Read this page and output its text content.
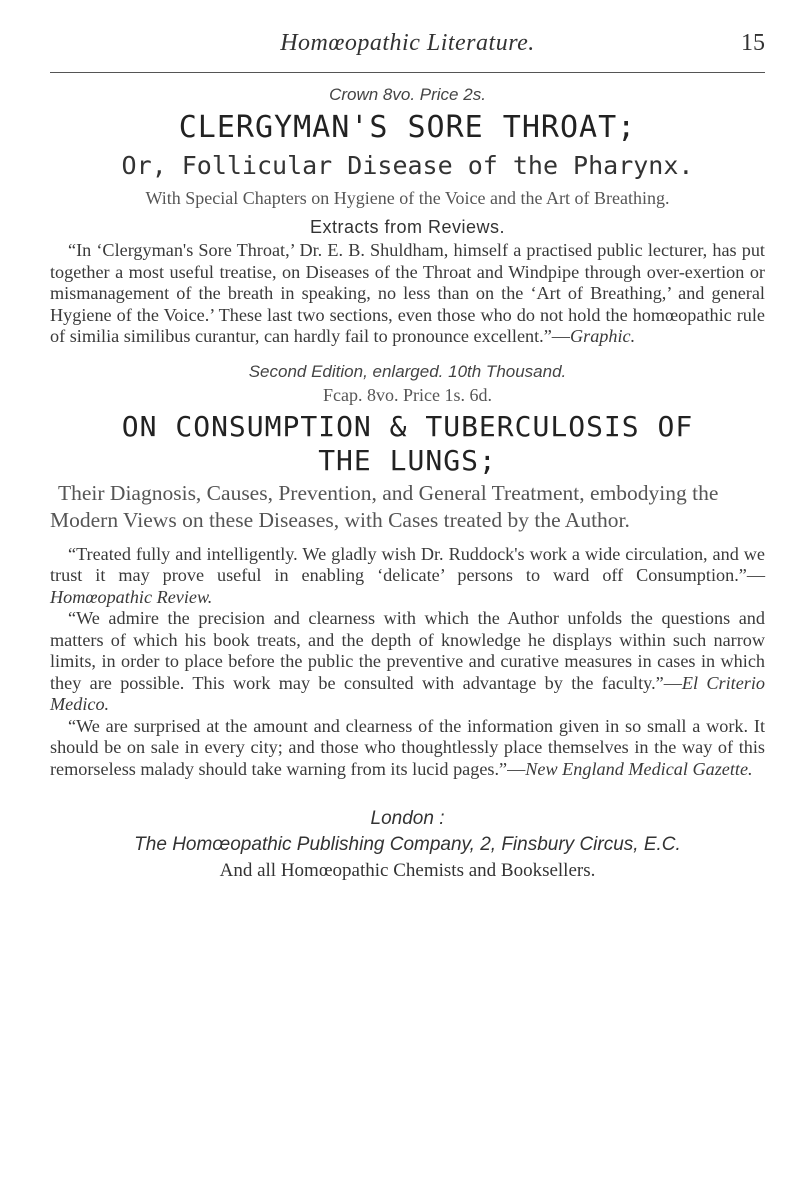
Homœopathic Literature.	15
Crown 8vo. Price 2s.
CLERGYMAN'S SORE THROAT;
Or, Follicular Disease of the Pharynx.
With Special Chapters on Hygiene of the Voice and the Art of Breathing.
Extracts from Reviews.

“In ‘Clergyman's Sore Throat,’ Dr. E. B. Shuldham, himself a practised public lecturer, has put together a most useful treatise, on Diseases of the Throat and Windpipe through over-exertion or mismanagement of the breath in speaking, no less than on the ‘Art of Breathing,’ and general Hygiene of the Voice.’ These last two sections, even those who do not hold the homœopathic rule of similia similibus curantur, can hardly fail to pronounce excellent.”—Graphic.

Second Edition, enlarged. 10th Thousand.
Fcap. 8vo. Price 1s. 6d.
ON CONSUMPTION & TUBERCULOSIS OF
THE LUNGS;

Their Diagnosis, Causes, Prevention, and General Treatment, embodying the Modern Views on these Diseases, with Cases treated by the Author.

“Treated fully and intelligently. We gladly wish Dr. Ruddock's work a wide circulation, and we trust it may prove useful in enabling ‘delicate’ persons to ward off Consumption.”—Homœopathic Review.

“We admire the precision and clearness with which the Author unfolds the questions and matters of which his book treats, and the depth of knowledge he displays within such narrow limits, in order to place before the public the preventive and curative measures in cases in which they are possible. This work may be consulted with advantage by the faculty.”—El Criterio Medico.

“We are surprised at the amount and clearness of the information given in so small a work. It should be on sale in every city; and those who thoughtlessly place themselves in the way of this remorseless malady should take warning from its lucid pages.”—New England Medical Gazette.

London :
The Homœopathic Publishing Company, 2, Finsbury Circus, E.C.
And all Homœopathic Chemists and Booksellers.
